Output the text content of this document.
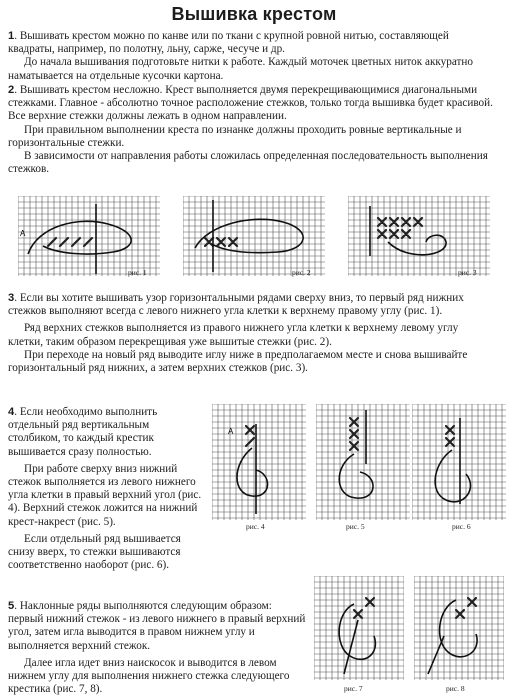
Вышивка крестом

1. Вышивать крестом можно по канве или по ткани с крупной ровной нитью, составляющей квадраты, например, по полотну, льну, сарже, чесуче и др.

До начала вышивания подготовьте нитки к работе. Каждый моточек цветных ниток аккуратно наматывается на отдельные кусочки картона.

2. Вышивать крестом несложно. Крест выполняется двумя перекрещивающимися диагональными стежками. Главное - абсолютно точное расположение стежков, только тогда вышивка будет красивой. Все верхние стежки должны лежать в одном направлении.

При правильном выполнении креста по изнанке должны проходить ровные вертикальные и горизонтальные стежки.

В зависимости от направления работы сложилась определенная последовательность выполнения стежков.

A
рис. 1	рис. 2	рис. 3

3. Если вы хотите вышивать узор горизонтальными рядами сверху вниз, то первый ряд нижних стежков выполняют всегда с левого нижнего угла клетки к верхнему правому углу (рис. 1).

Ряд верхних стежков выполняется из правого нижнего угла клетки к верхнему левому углу клетки, таким образом перекрещивая уже вышитые стежки (рис. 2).

При переходе на новый ряд выводите иглу ниже в предполагаемом месте и снова вышивайте горизонтальный ряд нижних, а затем верхних стежков (рис. 3).

4. Если необходимо выполнить отдельный ряд вертикальным столбиком, то каждый крестик вышивается сразу полностью.

При работе сверху вниз нижний стежок выполняется из левого нижнего угла клетки в правый верхний угол (рис. 4). Верхний стежок ложится на нижний крест-накрест (рис. 5).

Если отдельный ряд вышивается снизу вверх, то стежки вышиваются соответственно наоборот (рис. 6).

A
рис. 4	рис. 5	рис. 6

5. Наклонные ряды выполняются следующим образом: первый нижний стежок - из левого нижнего в правый верхний угол, затем игла выводится в правом нижнем углу и выполняется верхний стежок.

Далее игла идет вниз наискосок и выводится в левом нижнем углу для выполнения нижнего стежка следующего крестика (рис. 7, 8).	рис. 7	рис. 8
